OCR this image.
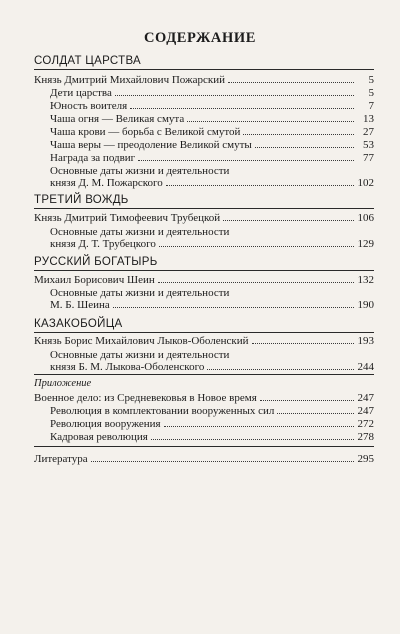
СОДЕРЖАНИЕ
СОЛДАТ ЦАРСТВА
Князь Дмитрий Михайлович Пожарский	5
Дети царства	5
Юность воителя	7
Чаша огня — Великая смута	13
Чаша крови — борьба с Великой смутой	27
Чаша веры — преодоление Великой смуты	53
Награда за подвиг	77
Основные даты жизни и деятельности
князя Д. М. Пожарского	102
ТРЕТИЙ ВОЖДЬ
Князь Дмитрий Тимофеевич Трубецкой	106
Основные даты жизни и деятельности
князя Д. Т. Трубецкого	129
РУССКИЙ БОГАТЫРЬ
Михаил Борисович Шеин	132
Основные даты жизни и деятельности
М. Б. Шеина	190
КАЗАКОБОЙЦА
Князь Борис Михайлович Лыков-Оболенский	193
Основные даты жизни и деятельности
князя Б. М. Лыкова-Оболенского	244
Приложение
Военное дело: из Средневековья в Новое время	247
Революция в комплектовании вооруженных сил	247
Революция вооружения	272
Кадровая революция	278
Литература	295
